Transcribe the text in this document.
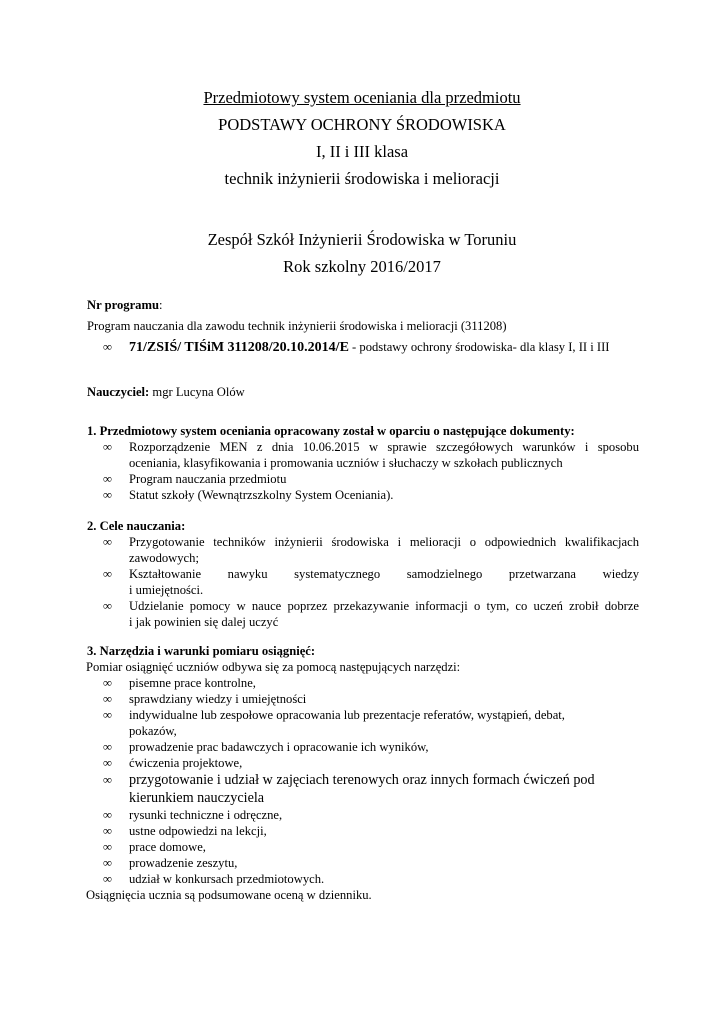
Przedmiotowy system oceniania dla przedmiotu
PODSTAWY OCHRONY ŚRODOWISKA
I, II i III klasa
technik inżynierii środowiska i melioracji
Zespół Szkół Inżynierii Środowiska w Toruniu
Rok szkolny 2016/2017
Nr programu:
Program nauczania dla zawodu technik inżynierii środowiska i melioracji (311208)
∞	71/ZSIŚ/ TIŚiM 311208/20.10.2014/E - podstawy ochrony środowiska- dla klasy I, II i III
Nauczyciel: mgr Lucyna Olów
1. Przedmiotowy system oceniania opracowany został w oparciu o następujące dokumenty:
∞	Rozporządzenie MEN z dnia 10.06.2015 w sprawie szczegółowych warunków i sposobu
oceniania, klasyfikowania i promowania uczniów i słuchaczy w szkołach publicznych
∞	Program nauczania przedmiotu
∞	Statut szkoły (Wewnątrzszkolny System Oceniania).
2. Cele nauczania:
∞	Przygotowanie techników inżynierii środowiska i melioracji o odpowiednich kwalifikacjach
zawodowych;
∞	Kształtowanie nawyku systematycznego samodzielnego przetwarzana wiedzy
i umiejętności.
∞	Udzielanie pomocy w nauce poprzez przekazywanie informacji o tym, co uczeń zrobił dobrze
i jak powinien się dalej uczyć
3. Narzędzia i warunki pomiaru osiągnięć:
Pomiar osiągnięć uczniów odbywa się za pomocą następujących narzędzi:
∞	pisemne prace kontrolne,
∞	sprawdziany wiedzy i umiejętności
∞	indywidualne lub zespołowe opracowania lub prezentacje referatów, wystąpień, debat,
pokazów,
∞	prowadzenie prac badawczych i opracowanie ich wyników,
∞	ćwiczenia projektowe,
∞	przygotowanie i udział w zajęciach terenowych oraz innych formach ćwiczeń pod
kierunkiem nauczyciela
∞	rysunki techniczne i odręczne,
∞	ustne odpowiedzi na lekcji,
∞	prace domowe,
∞	prowadzenie zeszytu,
∞	udział w konkursach przedmiotowych.
Osiągnięcia ucznia są podsumowane oceną w dzienniku.
